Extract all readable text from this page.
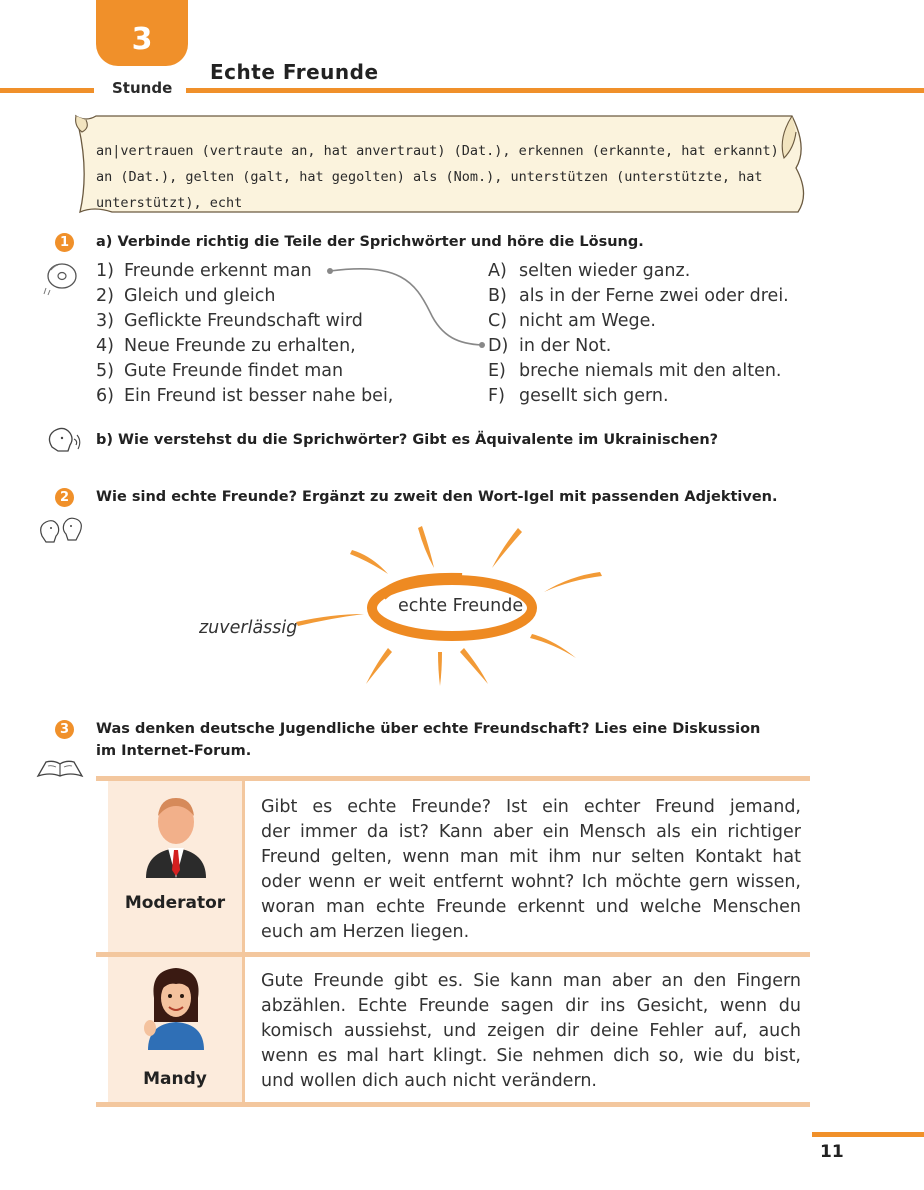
3
Stunde
Echte Freunde
an|vertrauen (vertraute an, hat anvertraut) (Dat.), erkennen (erkannte, hat erkannt)
an (Dat.), gelten (galt, hat gegolten) als (Nom.), unterstützen (unterstützte, hat unterstützt), echt
1	a) Verbinde richtig die Teile der Sprichwörter und höre die Lösung.
1) Freunde erkennt man
2) Gleich und gleich
3) Geflickte Freundschaft wird
4) Neue Freunde zu erhalten,
5) Gute Freunde findet man
6) Ein Freund ist besser nahe bei,
A) selten wieder ganz.
B) als in der Ferne zwei oder drei.
C) nicht am Wege.
D) in der Not.
E) breche niemals mit den alten.
F) gesellt sich gern.
b) Wie verstehst du die Sprichwörter? Gibt es Äquivalente im Ukrainischen?
2	Wie sind echte Freunde? Ergänzt zu zweit den Wort-Igel mit passenden Adjektiven.
echte Freunde
zuverlässig
3	Was denken deutsche Jugendliche über echte Freundschaft? Lies eine Diskussion
im Internet-Forum.
Moderator
Gibt es echte Freunde? Ist ein echter Freund jemand,
der immer da ist? Kann aber ein Mensch als ein richtiger
Freund gelten, wenn man mit ihm nur selten Kontakt hat
oder wenn er weit entfernt wohnt? Ich möchte gern wissen,
woran man echte Freunde erkennt und welche Menschen
euch am Herzen liegen.
Mandy
Gute Freunde gibt es. Sie kann man aber an den Fingern
abzählen. Echte Freunde sagen dir ins Gesicht, wenn du
komisch aussiehst, und zeigen dir deine Fehler auf, auch
wenn es mal hart klingt. Sie nehmen dich so, wie du bist,
und wollen dich auch nicht verändern.
11
